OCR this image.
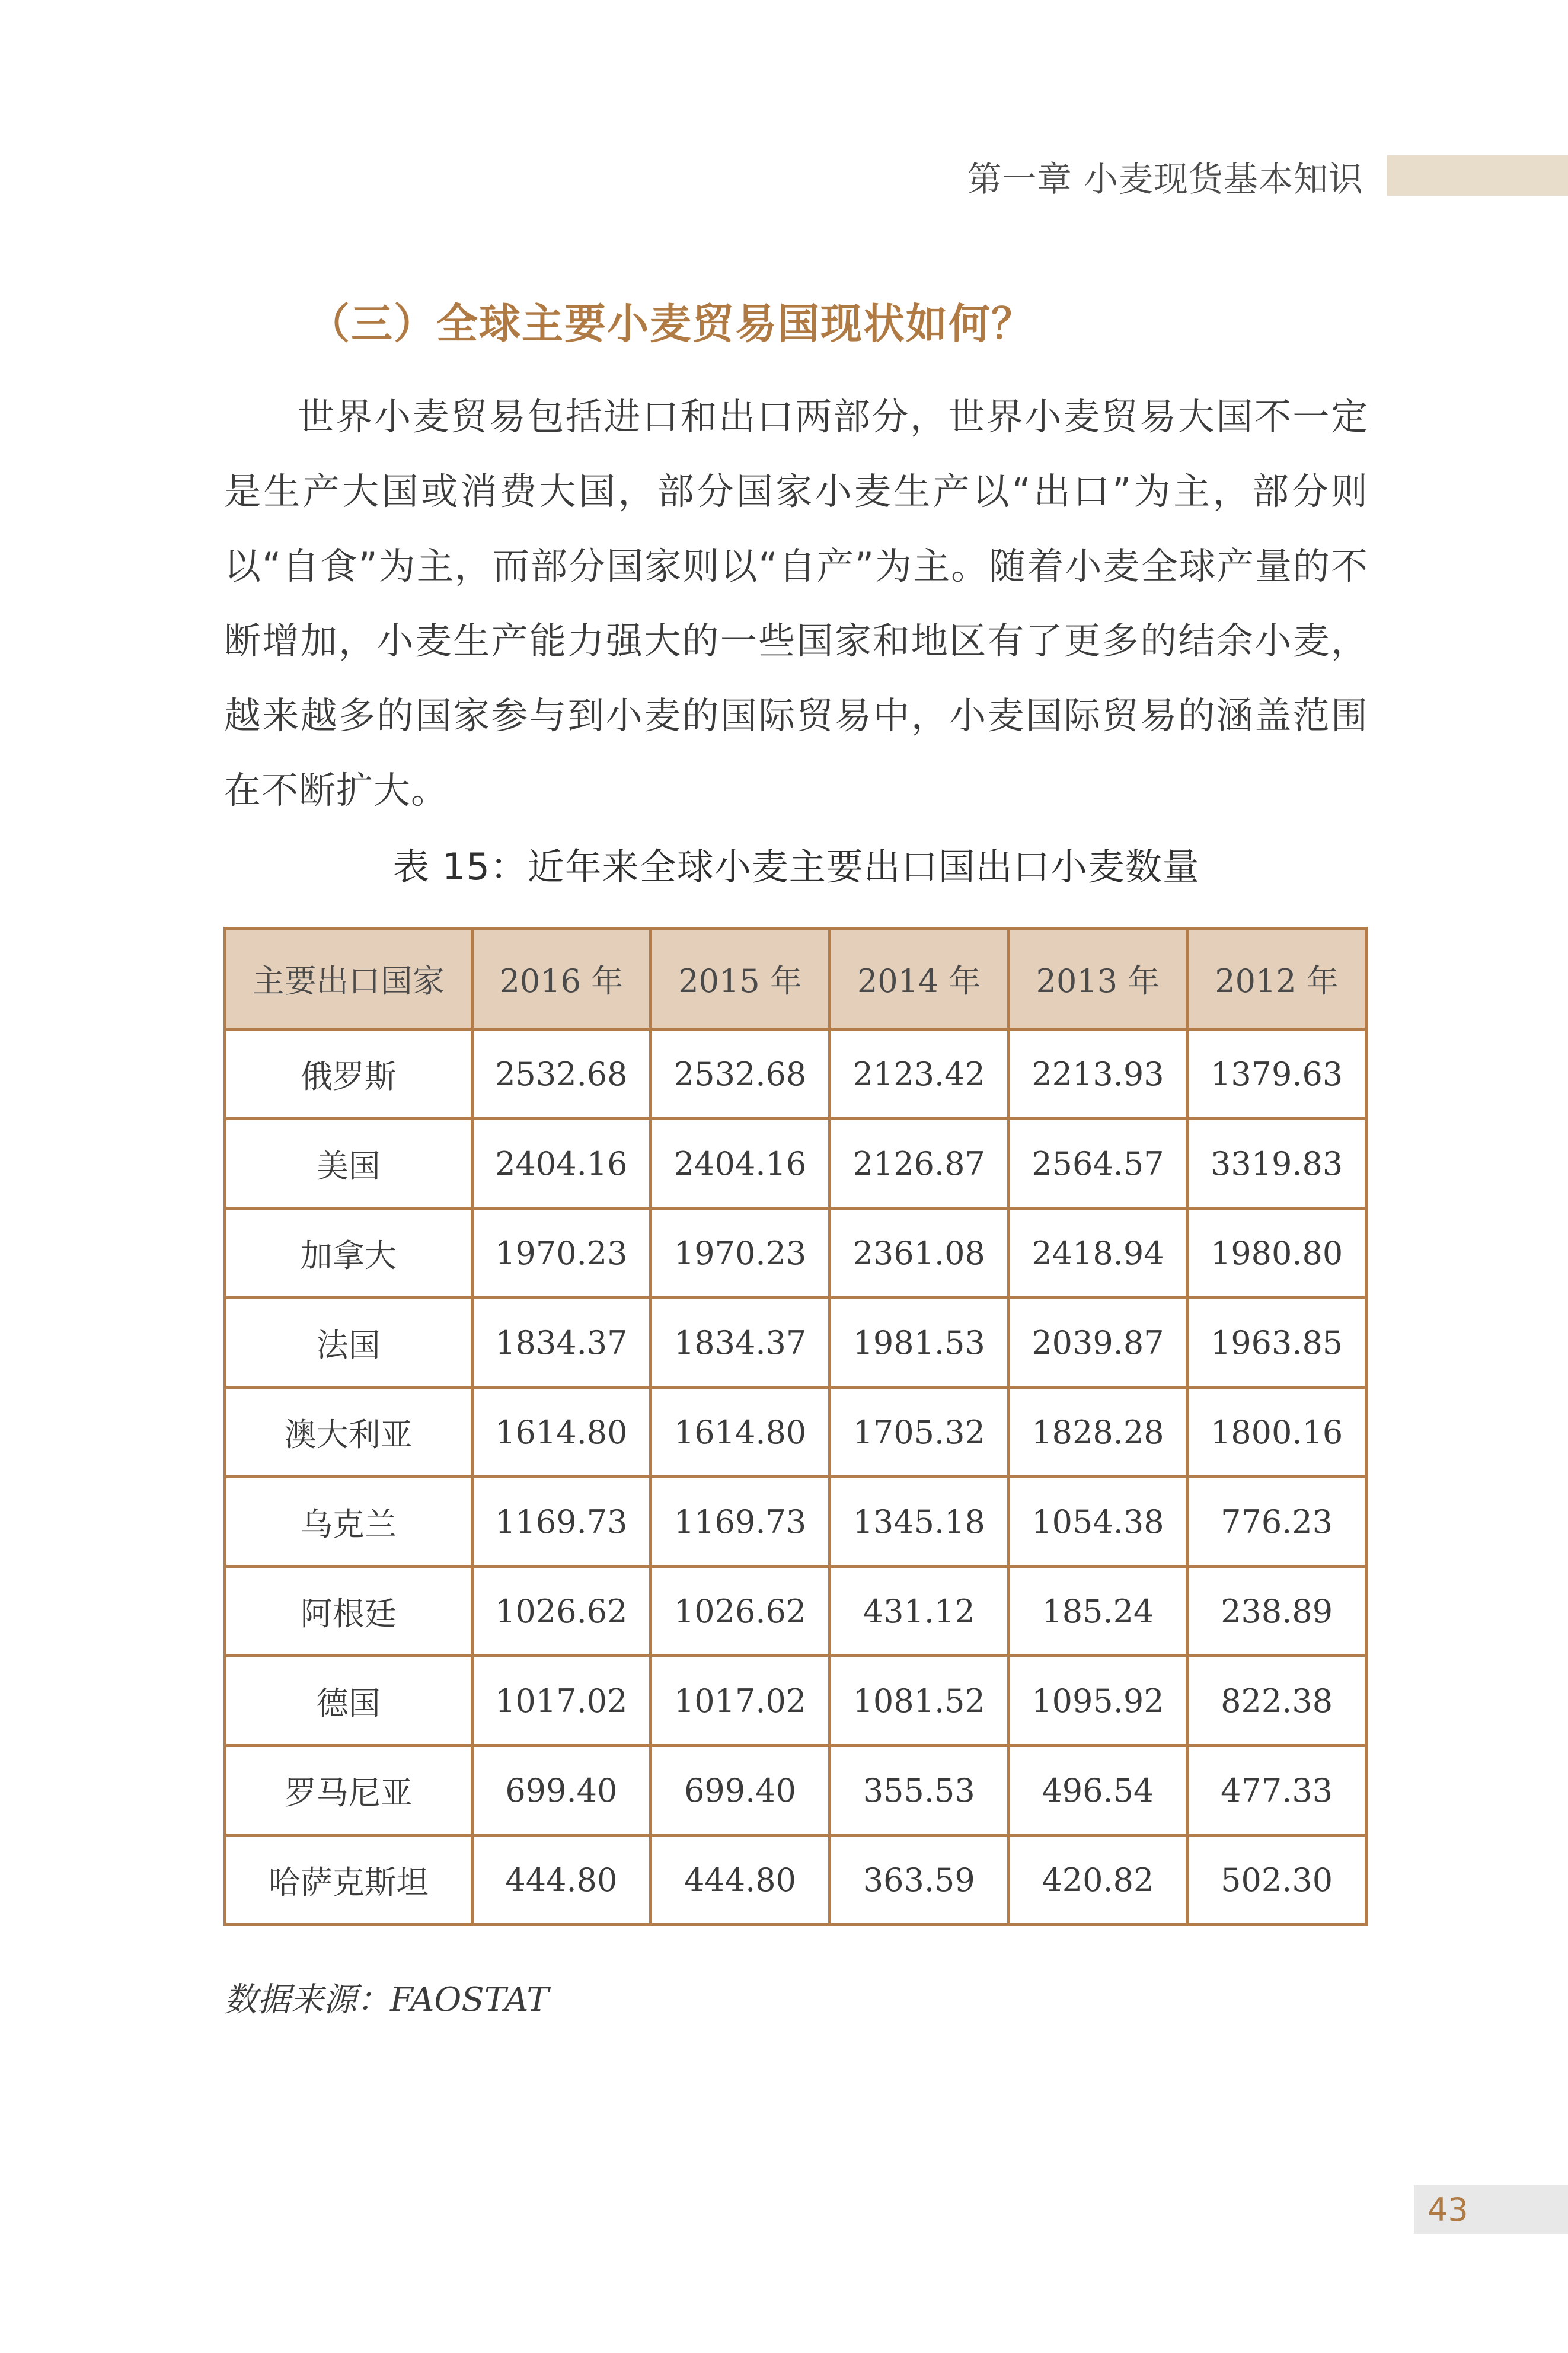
第一章 小麦现货基本知识
（三）全球主要小麦贸易国现状如何？
世界小麦贸易包括进口和出口两部分，世界小麦贸易大国不一定是生产大国或消费大国，部分国家小麦生产以“出口”为主，部分则以“自食”为主，而部分国家则以“自产”为主。随着小麦全球产量的不断增加，小麦生产能力强大的一些国家和地区有了更多的结余小麦，越来越多的国家参与到小麦的国际贸易中，小麦国际贸易的涵盖范围在不断扩大。
表 15：近年来全球小麦主要出口国出口小麦数量
主要出口国家	2016 年	2015 年	2014 年	2013 年	2012 年
俄罗斯	2532.68	2532.68	2123.42	2213.93	1379.63
美国	2404.16	2404.16	2126.87	2564.57	3319.83
加拿大	1970.23	1970.23	2361.08	2418.94	1980.80
法国	1834.37	1834.37	1981.53	2039.87	1963.85
澳大利亚	1614.80	1614.80	1705.32	1828.28	1800.16
乌克兰	1169.73	1169.73	1345.18	1054.38	776.23
阿根廷	1026.62	1026.62	431.12	185.24	238.89
德国	1017.02	1017.02	1081.52	1095.92	822.38
罗马尼亚	699.40	699.40	355.53	496.54	477.33
哈萨克斯坦	444.80	444.80	363.59	420.82	502.30
数据来源：FAOSTAT
43
